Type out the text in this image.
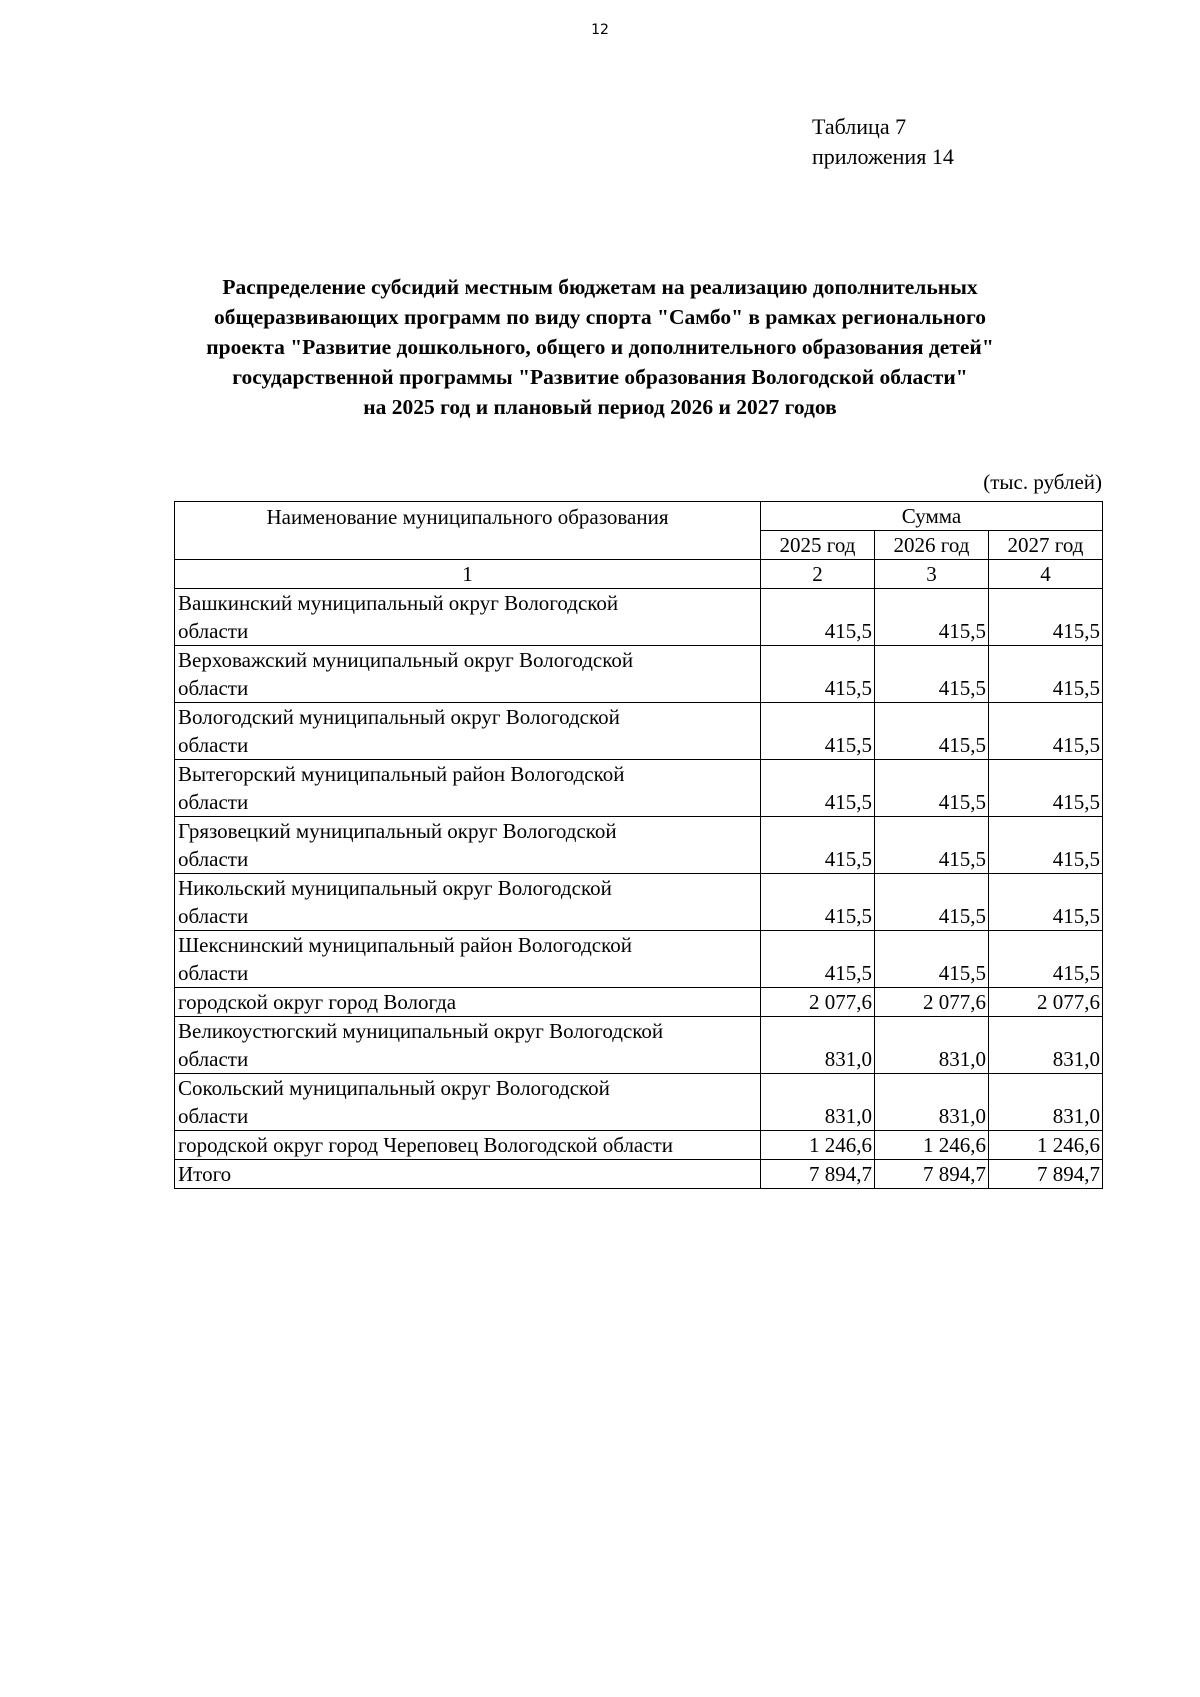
12
Таблица 7
приложения 14
Распределение субсидий местным бюджетам на реализацию дополнительных
общеразвивающих программ по виду спорта "Самбо" в рамках регионального
проекта "Развитие дошкольного, общего и дополнительного образования детей"
государственной программы "Развитие образования Вологодской области"
на 2025 год и плановый период 2026 и 2027 годов
(тыс. рублей)
Наименование муниципального образования	Сумма		
	2025 год	2026 год	2027 год
1	2	3	4

Вашкинский муниципальный округ Вологодской
области	415,5	415,5	415,5

Верховажский муниципальный округ Вологодской
области	415,5	415,5	415,5

Вологодский муниципальный округ Вологодской
области	415,5	415,5	415,5

Вытегорский муниципальный район Вологодской
области	415,5	415,5	415,5

Грязовецкий муниципальный округ Вологодской
области	415,5	415,5	415,5

Никольский муниципальный округ Вологодской
области	415,5	415,5	415,5

Шекснинский муниципальный район Вологодской
области	415,5	415,5	415,5

городской округ город Вологда	2 077,6	2 077,6	2 077,6

Великоустюгский муниципальный округ Вологодской
области	831,0	831,0	831,0

Сокольский муниципальный округ Вологодской
области	831,0	831,0	831,0

городской округ город Череповец Вологодской области	1 246,6	1 246,6	1 246,6
Итого	7 894,7	7 894,7	7 894,7
